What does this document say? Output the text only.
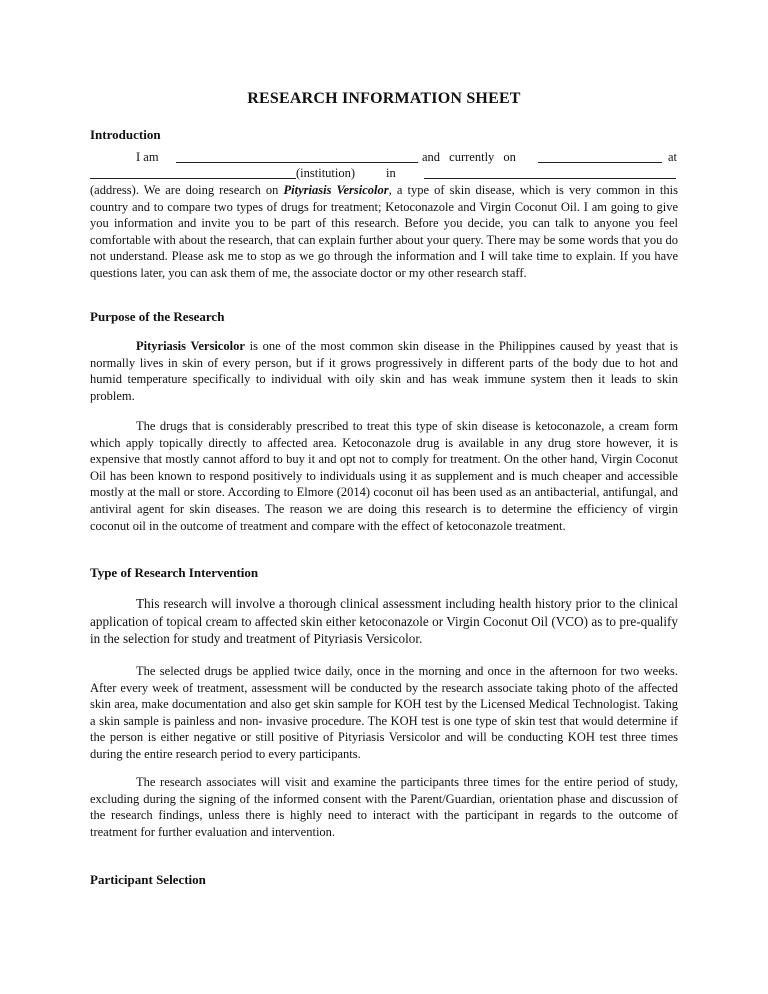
RESEARCH INFORMATION SHEET
Introduction
I am	and currently on	at
(institution) in

(address). We are doing research on Pityriasis Versicolor, a type of skin disease, which is very common in this country and to compare two types of drugs for treatment; Ketoconazole and Virgin Coconut Oil. I am going to give you information and invite you to be part of this research. Before you decide, you can talk to anyone you feel comfortable with about the research, that can explain further about your query. There may be some words that you do not understand. Please ask me to stop as we go through the information and I will take time to explain. If you have questions later, you can ask them of me, the associate doctor or my other research staff.

Purpose of the Research

Pityriasis Versicolor is one of the most common skin disease in the Philippines caused by yeast that is normally lives in skin of every person, but if it grows progressively in different parts of the body due to hot and humid temperature specifically to individual with oily skin and has weak immune system then it leads to skin problem.

The drugs that is considerably prescribed to treat this type of skin disease is ketoconazole, a cream form which apply topically directly to affected area. Ketoconazole drug is available in any drug store however, it is expensive that mostly cannot afford to buy it and opt not to comply for treatment. On the other hand, Virgin Coconut Oil has been known to respond positively to individuals using it as supplement and is much cheaper and accessible mostly at the mall or store. According to Elmore (2014) coconut oil has been used as an antibacterial, antifungal, and antiviral agent for skin diseases. The reason we are doing this research is to determine the efficiency of virgin coconut oil in the outcome of treatment and compare with the effect of ketoconazole treatment.

Type of Research Intervention

This research will involve a thorough clinical assessment including health history prior to the clinical application of topical cream to affected skin either ketoconazole or Virgin Coconut Oil (VCO) as to pre-qualify in the selection for study and treatment of Pityriasis Versicolor.

The selected drugs be applied twice daily, once in the morning and once in the afternoon for two weeks. After every week of treatment, assessment will be conducted by the research associate taking photo of the affected skin area, make documentation and also get skin sample for KOH test by the Licensed Medical Technologist. Taking a skin sample is painless and non- invasive procedure. The KOH test is one type of skin test that would determine if the person is either negative or still positive of Pityriasis Versicolor and will be conducting KOH test three times during the entire research period to every participants.

The research associates will visit and examine the participants three times for the entire period of study, excluding during the signing of the informed consent with the Parent/Guardian, orientation phase and discussion of the research findings, unless there is highly need to interact with the participant in regards to the outcome of treatment for further evaluation and intervention.

Participant Selection
